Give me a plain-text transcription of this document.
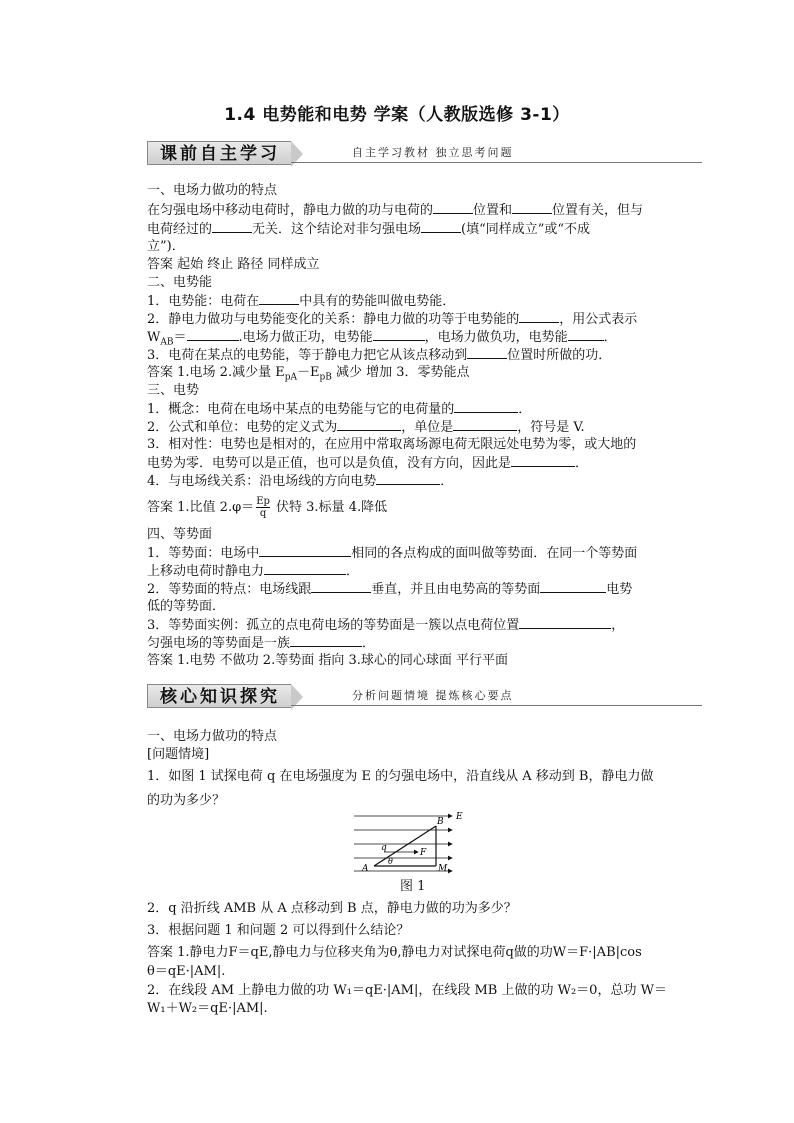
1.4 电势能和电势 学案（人教版选修 3-1）
课前自主学习	自主学习教材 独立思考问题
一、电场力做功的特点
在匀强电场中移动电荷时，静电力做的功与电荷的	位置和	位置有关，但与
电荷经过的	无关．这个结论对非匀强电场	(填“同样成立”或“不成
立”)．
答案 起始 终止 路径 同样成立
二、电势能
1．电势能：电荷在	中具有的势能叫做电势能．
2．静电力做功与电势能变化的关系：静电力做的功等于电势能的	，用公式表示
$W_{AB}=$	.电场力做正功，电势能	，电场力做负功，电势能	．
3．电荷在某点的电势能，等于静电力把它从该点移动到	位置时所做的功．
答案 1.电场 2.减少量 $E_{pA}-E_{pB}$ 减少 增加 3．零势能点
三、电势
1．概念：电荷在电场中某点的电势能与它的电荷量的	．
2．公式和单位：电势的定义式为	，单位是	，符号是 V.
3．相对性：电势也是相对的，在应用中常取离场源电荷无限远处电势为零，或大地的
电势为零．电势可以是正值，也可以是负值，没有方向，因此是	．
4．与电场线关系：沿电场线的方向电势	．
答案 1.比值 $2.\varphi= \frac{Ep}{q}$ 伏特 3.标量 4.降低
四、等势面
1．等势面：电场中	相同的各点构成的面叫做等势面．在同一个等势面
上移动电荷时静电力	．
2．等势面的特点：电场线跟	垂直，并且由电势高的等势面	电势
低的等势面．
3．等势面实例：孤立的点电荷电场的等势面是一簇以点电荷位置	，
匀强电场的等势面是一族	．
答案 1.电势 不做功 2.等势面 指向 3.球心的同心球面 平行平面
核心知识探究	分析问题情境 提炼核心要点
一、电场力做功的特点
[问题情境]
1．如图 1 试探电荷 q 在电场强度为 E 的匀强电场中，沿直线从 A 移动到 B，静电力做
的功为多少？
E
B
A	M
q	F
θ
图 1
2．q 沿折线 AMB 从 A 点移动到 B 点，静电力做的功为多少？
3．根据问题 1 和问题 2 可以得到什么结论？
答案 1.静电力F＝qE,静电力与位移夹角为θ,静电力对试探电荷q做的功W＝F·|AB|cos
θ＝qE·|AM|.
2．在线段 AM 上静电力做的功 W₁＝qE·|AM|，在线段 MB 上做的功 W₂＝0，总功 W＝
W₁＋W₂＝qE·|AM|.
